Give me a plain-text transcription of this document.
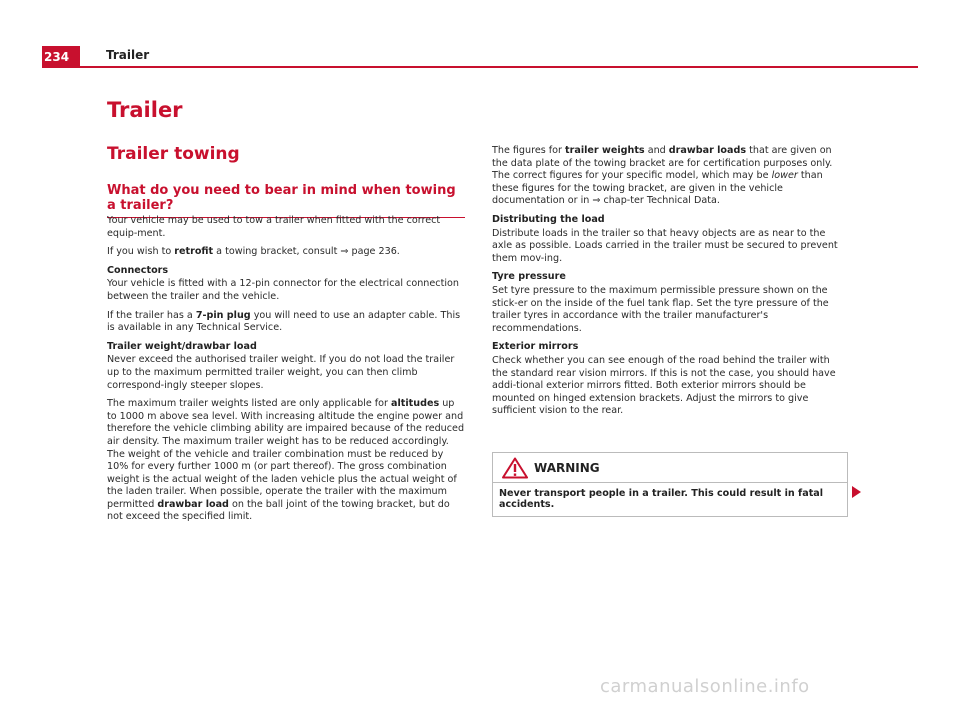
234	Trailer
Trailer
Trailer towing
What do you need to bear in mind when towing a trailer?

Your vehicle may be used to tow a trailer when fitted with the correct equip-ment.

If you wish to retrofit a towing bracket, consult ⇒ page 236.

Connectors

Your vehicle is fitted with a 12-pin connector for the electrical connection between the trailer and the vehicle.

If the trailer has a 7-pin plug you will need to use an adapter cable. This is available in any Technical Service.

Trailer weight/drawbar load

Never exceed the authorised trailer weight. If you do not load the trailer up to the maximum permitted trailer weight, you can then climb correspond-ingly steeper slopes.

The maximum trailer weights listed are only applicable for altitudes up to 1000 m above sea level. With increasing altitude the engine power and therefore the vehicle climbing ability are impaired because of the reduced air density. The maximum trailer weight has to be reduced accordingly. The weight of the vehicle and trailer combination must be reduced by 10% for every further 1000 m (or part thereof). The gross combination weight is the actual weight of the laden vehicle plus the actual weight of the laden trailer. When possible, operate the trailer with the maximum permitted drawbar load on the ball joint of the towing bracket, but do not exceed the specified limit.

The figures for trailer weights and drawbar loads that are given on the data plate of the towing bracket are for certification purposes only. The correct figures for your specific model, which may be lower than these figures for the towing bracket, are given in the vehicle documentation or in ⇒ chap-ter Technical Data.

Distributing the load

Distribute loads in the trailer so that heavy objects are as near to the axle as possible. Loads carried in the trailer must be secured to prevent them mov-ing.

Tyre pressure

Set tyre pressure to the maximum permissible pressure shown on the stick-er on the inside of the fuel tank flap. Set the tyre pressure of the trailer tyres in accordance with the trailer manufacturer's recommendations.

Exterior mirrors

Check whether you can see enough of the road behind the trailer with the standard rear vision mirrors. If this is not the case, you should have addi-tional exterior mirrors fitted. Both exterior mirrors should be mounted on hinged extension brackets. Adjust the mirrors to give sufficient vision to the rear.

WARNING
Never transport people in a trailer. This could result in fatal accidents.
carmanualsonline.info
